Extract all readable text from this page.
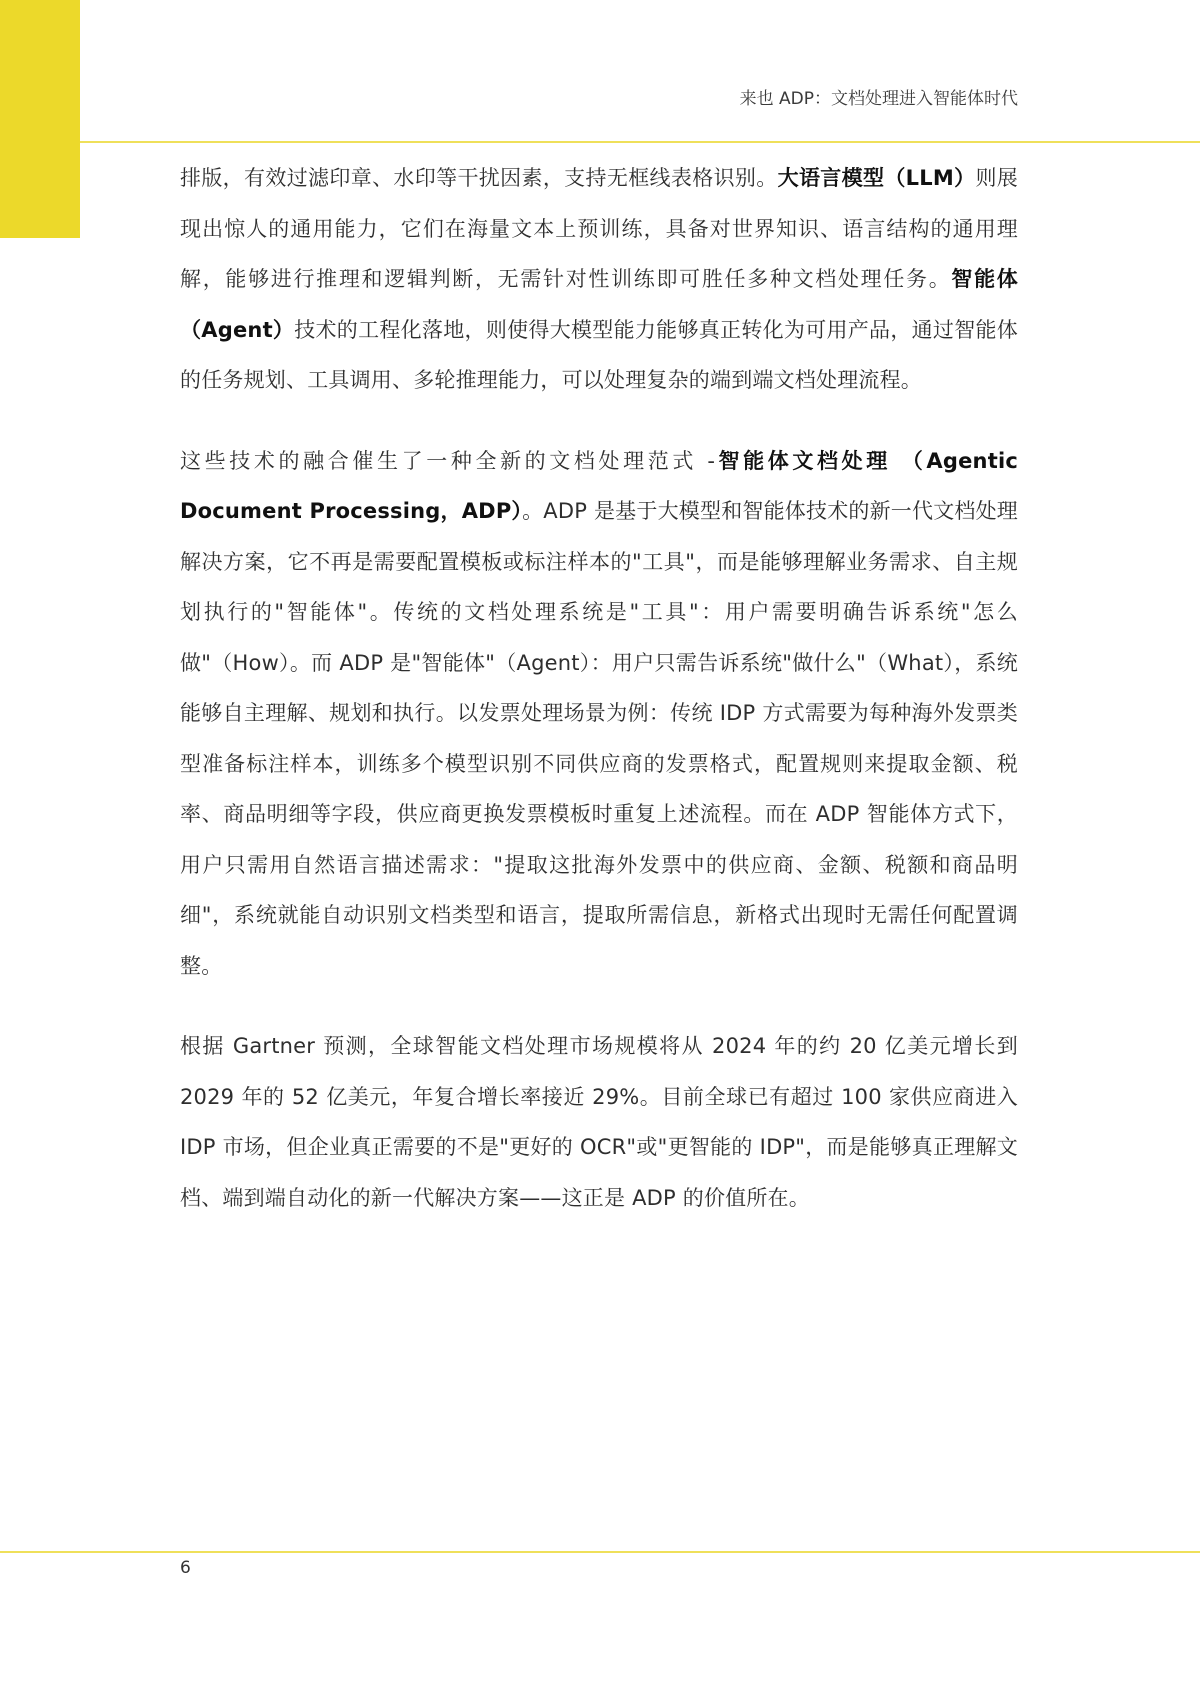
来也 ADP：文档处理进入智能体时代

排版，有效过滤印章、水印等干扰因素，支持无框线表格识别。大语言模型（LLM）则展现出惊人的通用能力，它们在海量文本上预训练，具备对世界知识、语言结构的通用理解，能够进行推理和逻辑判断，无需针对性训练即可胜任多种文档处理任务。智能体（Agent）技术的工程化落地，则使得大模型能力能够真正转化为可用产品，通过智能体的任务规划、工具调用、多轮推理能力，可以处理复杂的端到端文档处理流程。

这些技术的融合催生了一种全新的文档处理范式 -智能体文档处理 （Agentic Document Processing，ADP）。ADP 是基于大模型和智能体技术的新一代文档处理解决方案，它不再是需要配置模板或标注样本的"工具"，而是能够理解业务需求、自主规划执行的"智能体"。传统的文档处理系统是"工具"：用户需要明确告诉系统"怎么做"（How）。而 ADP 是"智能体"（Agent）：用户只需告诉系统"做什么"（What），系统能够自主理解、规划和执行。以发票处理场景为例：传统 IDP 方式需要为每种海外发票类型准备标注样本，训练多个模型识别不同供应商的发票格式，配置规则来提取金额、税率、商品明细等字段，供应商更换发票模板时重复上述流程。而在 ADP 智能体方式下，用户只需用自然语言描述需求："提取这批海外发票中的供应商、金额、税额和商品明细"，系统就能自动识别文档类型和语言，提取所需信息，新格式出现时无需任何配置调整。

根据 Gartner 预测，全球智能文档处理市场规模将从 2024 年的约 20 亿美元增长到 2029 年的 52 亿美元，年复合增长率接近 29%。目前全球已有超过 100 家供应商进入 IDP 市场，但企业真正需要的不是"更好的 OCR"或"更智能的 IDP"，而是能够真正理解文档、端到端自动化的新一代解决方案——这正是 ADP 的价值所在。

6
